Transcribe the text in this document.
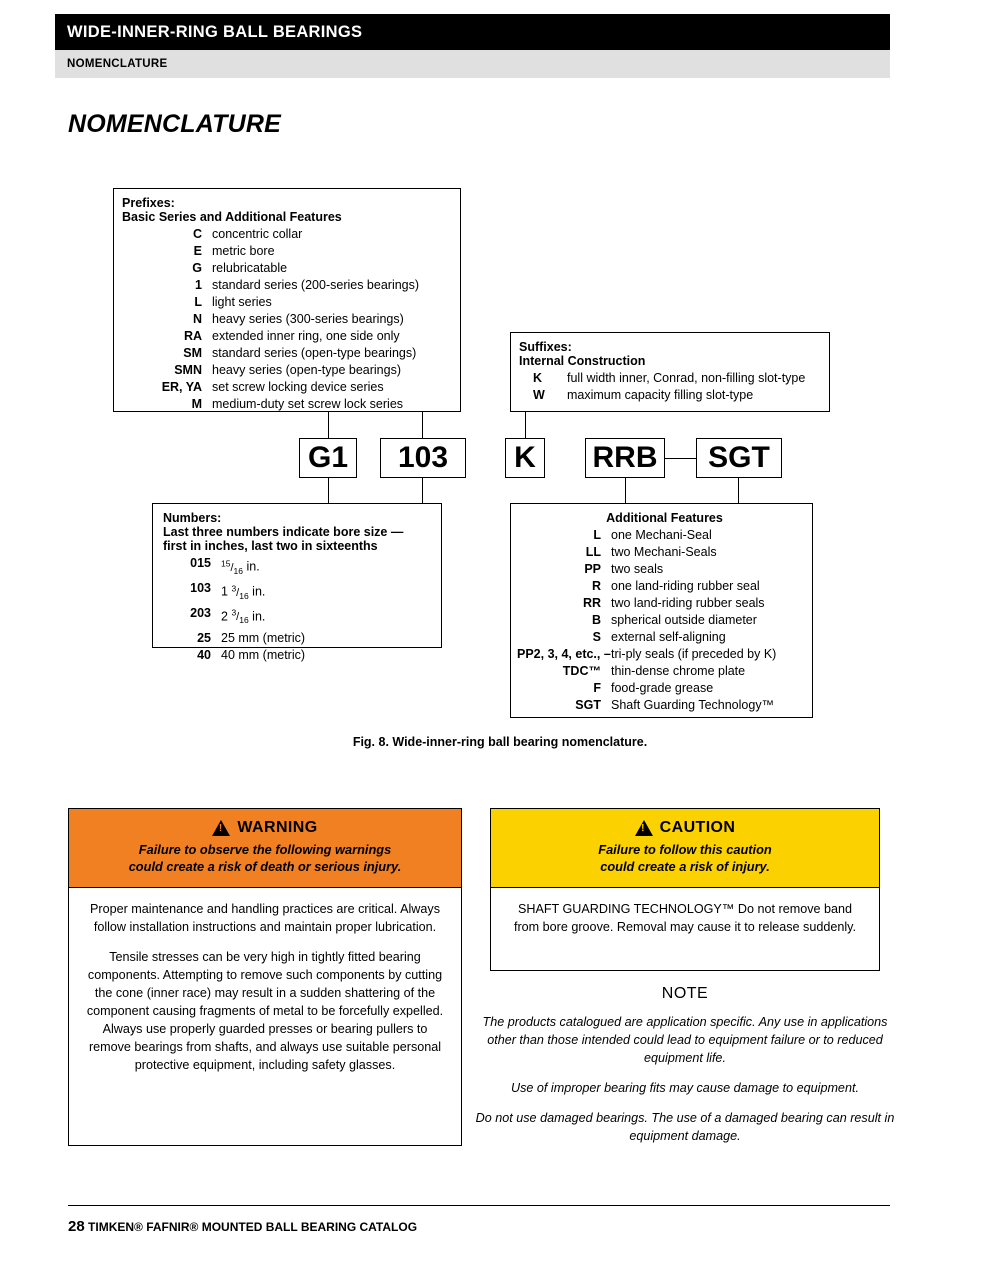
WIDE-INNER-RING BALL BEARINGS
NOMENCLATURE
NOMENCLATURE
Prefixes:
Basic Series and Additional Features
C concentric collar
E metric bore
G relubricatable
1 standard series (200-series bearings)
L light series
N heavy series (300-series bearings)
RA extended inner ring, one side only
SM standard series (open-type bearings)
SMN heavy series (open-type bearings)
ER, YA set screw locking device series
M medium-duty set screw lock series
Suffixes:
Internal Construction
K	full width inner, Conrad, non-filling slot-type
W	maximum capacity filling slot-type
G1	103	K	RRB	SGT
Numbers:
Last three numbers indicate bore size —
first in inches, last two in sixteenths
015	$^{15}/_{16}$ in.
103 1 $^3/_{16}$ in.
203 2 $^3/_{16}$ in.
25 25 mm (metric)
40 40 mm (metric)
Additional Features
L one Mechani-Seal
LL two Mechani-Seals
PP two seals
R one land-riding rubber seal
RR two land-riding rubber seals
B spherical outside diameter
S external self-aligning
PP2, 3, 4, etc., – tri-ply seals (if preceded by K)
TDC™ thin-dense chrome plate
F food-grade grease
SGT Shaft Guarding Technology™
Fig. 8. Wide-inner-ring ball bearing nomenclature.
!
WARNING
Failure to observe the following warnings
could create a risk of death or serious injury.

Proper maintenance and handling practices are critical. Always follow installation instructions and maintain proper lubrication.

Tensile stresses can be very high in tightly fitted bearing components. Attempting to remove such components by cutting the cone (inner race) may result in a sudden shattering of the component causing fragments of metal to be forcefully expelled. Always use properly guarded presses or bearing pullers to remove bearings from shafts, and always use suitable personal protective equipment, including safety glasses.

!
CAUTION
Failure to follow this caution
could create a risk of injury.

SHAFT GUARDING TECHNOLOGY™ Do not remove band from bore groove. Removal may cause it to release suddenly.

NOTE

The products catalogued are application specific. Any use in applications other than those intended could lead to equipment failure or to reduced equipment life.

Use of improper bearing fits may cause damage to equipment.

Do not use damaged bearings. The use of a damaged bearing can result in equipment damage.

28 TIMKEN® FAFNIR® MOUNTED BALL BEARING CATALOG
